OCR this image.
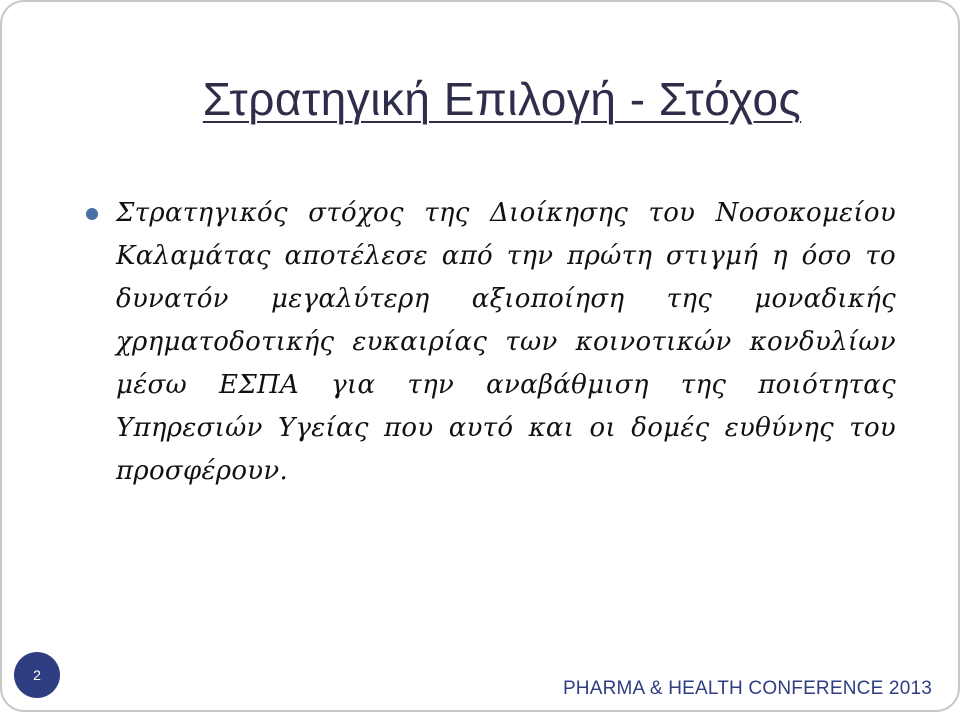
Στρατηγική Επιλογή - Στόχος
Στρατηγικός στόχος της Διοίκησης του Νοσοκομείου Καλαμάτας αποτέλεσε από την πρώτη στιγμή η όσο το δυνατόν μεγαλύτερη αξιοποίηση της μοναδικής χρηματοδοτικής ευκαιρίας των κοινοτικών κονδυλίων μέσω ΕΣΠΑ για την αναβάθμιση της ποιότητας Υπηρεσιών Υγείας που αυτό και οι δομές ευθύνης του προσφέρουν.
2
PHARMA & HEALTH CONFERENCE 2013
